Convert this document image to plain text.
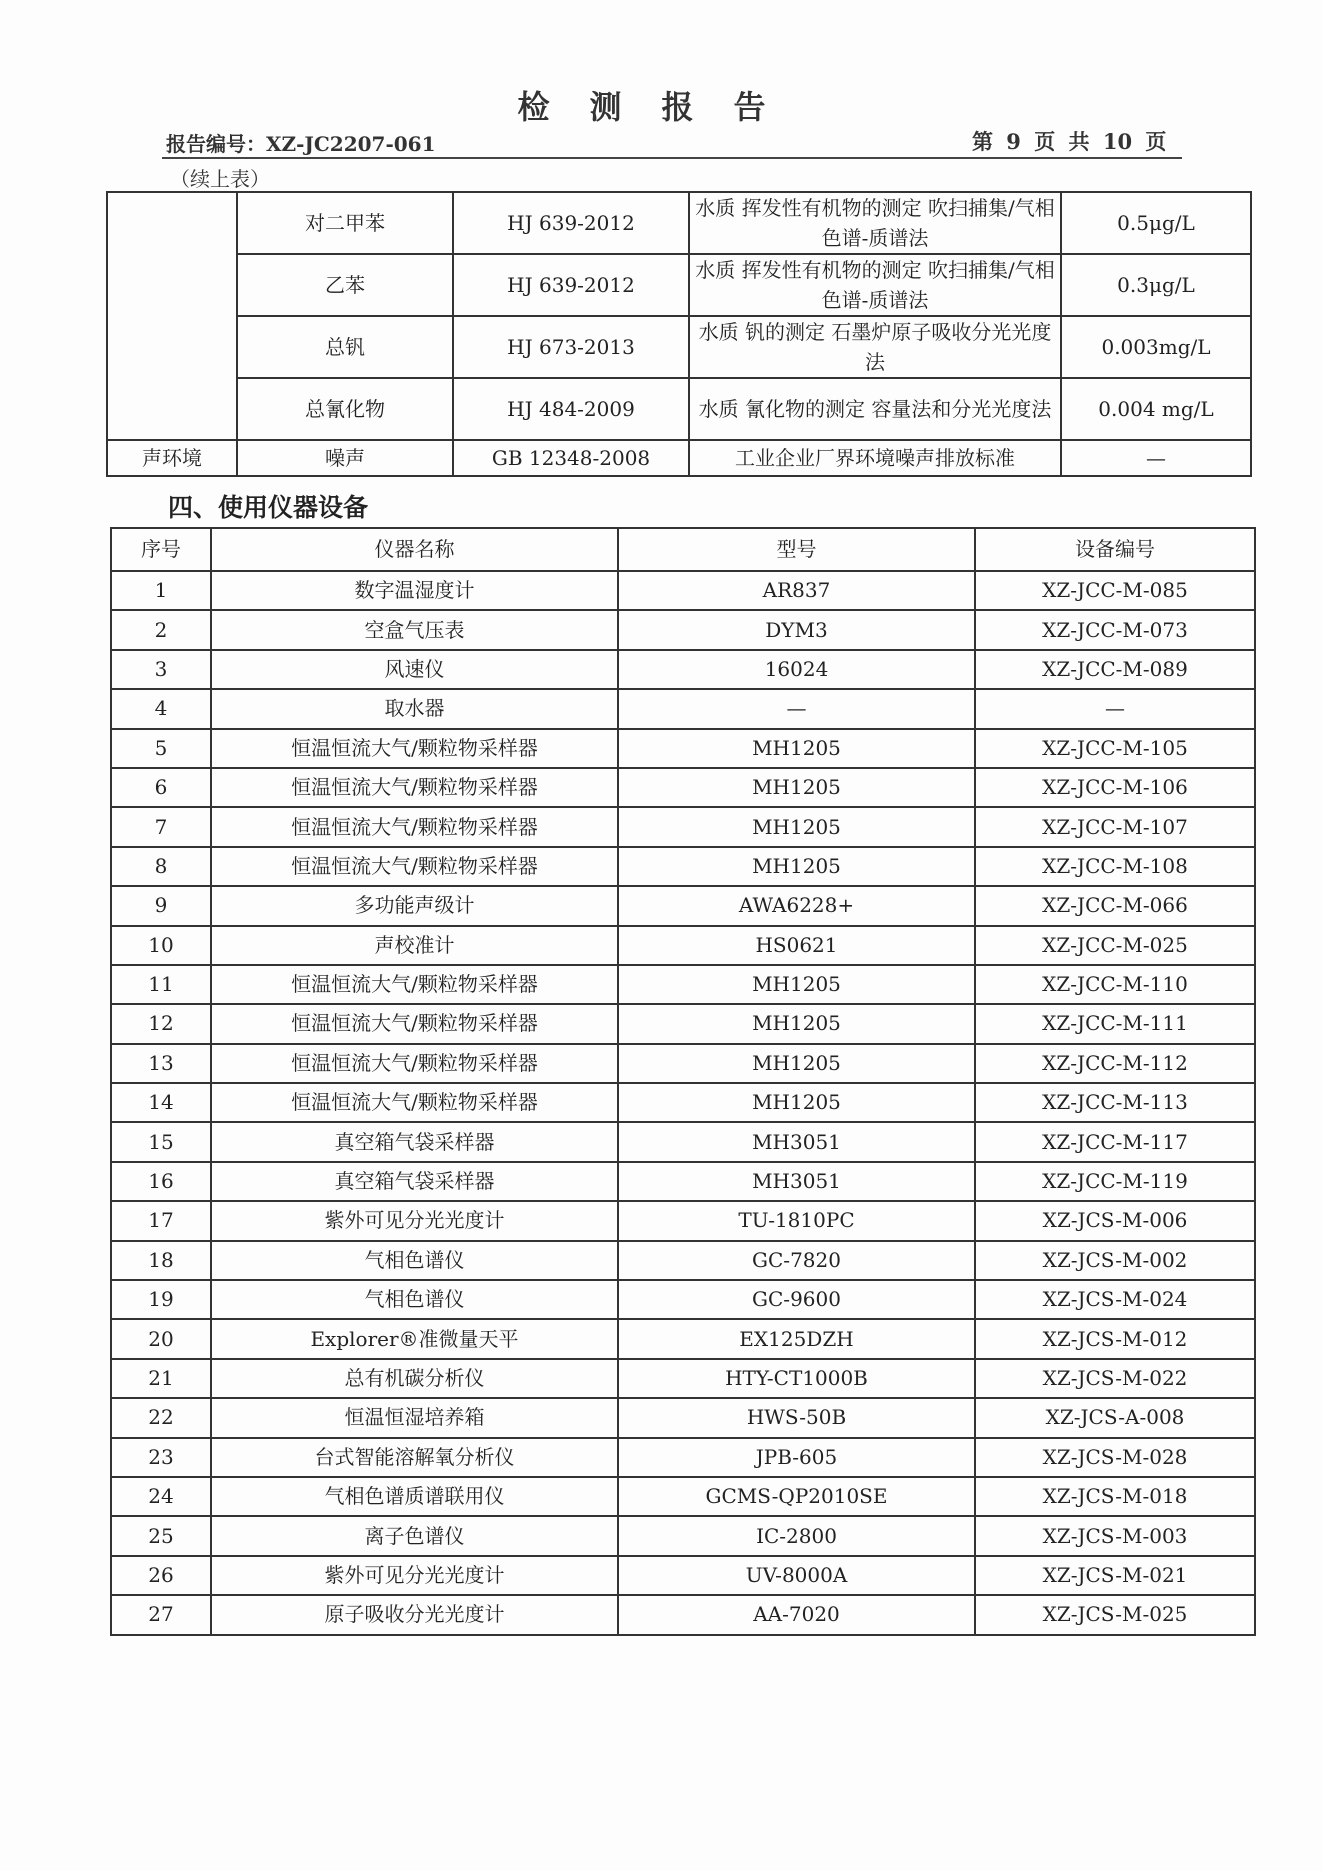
检测报告
报告编号：XZ-JC2207-061	第 9 页 共 10 页
（续上表）
	对二甲苯	HJ 639-2012	水质 挥发性有机物的测定 吹扫捕集/气相色谱-质谱法	0.5μg/L
	乙苯	HJ 639-2012	水质 挥发性有机物的测定 吹扫捕集/气相色谱-质谱法	0.3μg/L
	总钒	HJ 673-2013	水质 钒的测定 石墨炉原子吸收分光光度法	0.003mg/L
	总氰化物	HJ 484-2009	水质 氰化物的测定 容量法和分光光度法	0.004 mg/L
声环境	噪声	GB 12348-2008	工业企业厂界环境噪声排放标准	—
四、使用仪器设备
序号	仪器名称	型号	设备编号
1	数字温湿度计	AR837	XZ-JCC-M-085
2	空盒气压表	DYM3	XZ-JCC-M-073
3	风速仪	16024	XZ-JCC-M-089
4	取水器	—	—
5	恒温恒流大气/颗粒物采样器	MH1205	XZ-JCC-M-105
6	恒温恒流大气/颗粒物采样器	MH1205	XZ-JCC-M-106
7	恒温恒流大气/颗粒物采样器	MH1205	XZ-JCC-M-107
8	恒温恒流大气/颗粒物采样器	MH1205	XZ-JCC-M-108
9	多功能声级计	AWA6228+	XZ-JCC-M-066
10	声校准计	HS0621	XZ-JCC-M-025
11	恒温恒流大气/颗粒物采样器	MH1205	XZ-JCC-M-110
12	恒温恒流大气/颗粒物采样器	MH1205	XZ-JCC-M-111
13	恒温恒流大气/颗粒物采样器	MH1205	XZ-JCC-M-112
14	恒温恒流大气/颗粒物采样器	MH1205	XZ-JCC-M-113
15	真空箱气袋采样器	MH3051	XZ-JCC-M-117
16	真空箱气袋采样器	MH3051	XZ-JCC-M-119
17	紫外可见分光光度计	TU-1810PC	XZ-JCS-M-006
18	气相色谱仪	GC-7820	XZ-JCS-M-002
19	气相色谱仪	GC-9600	XZ-JCS-M-024
20	Explorer®准微量天平	EX125DZH	XZ-JCS-M-012
21	总有机碳分析仪	HTY-CT1000B	XZ-JCS-M-022
22	恒温恒湿培养箱	HWS-50B	XZ-JCS-A-008
23	台式智能溶解氧分析仪	JPB-605	XZ-JCS-M-028
24	气相色谱质谱联用仪	GCMS-QP2010SE	XZ-JCS-M-018
25	离子色谱仪	IC-2800	XZ-JCS-M-003
26	紫外可见分光光度计	UV-8000A	XZ-JCS-M-021
27	原子吸收分光光度计	AA-7020	XZ-JCS-M-025
